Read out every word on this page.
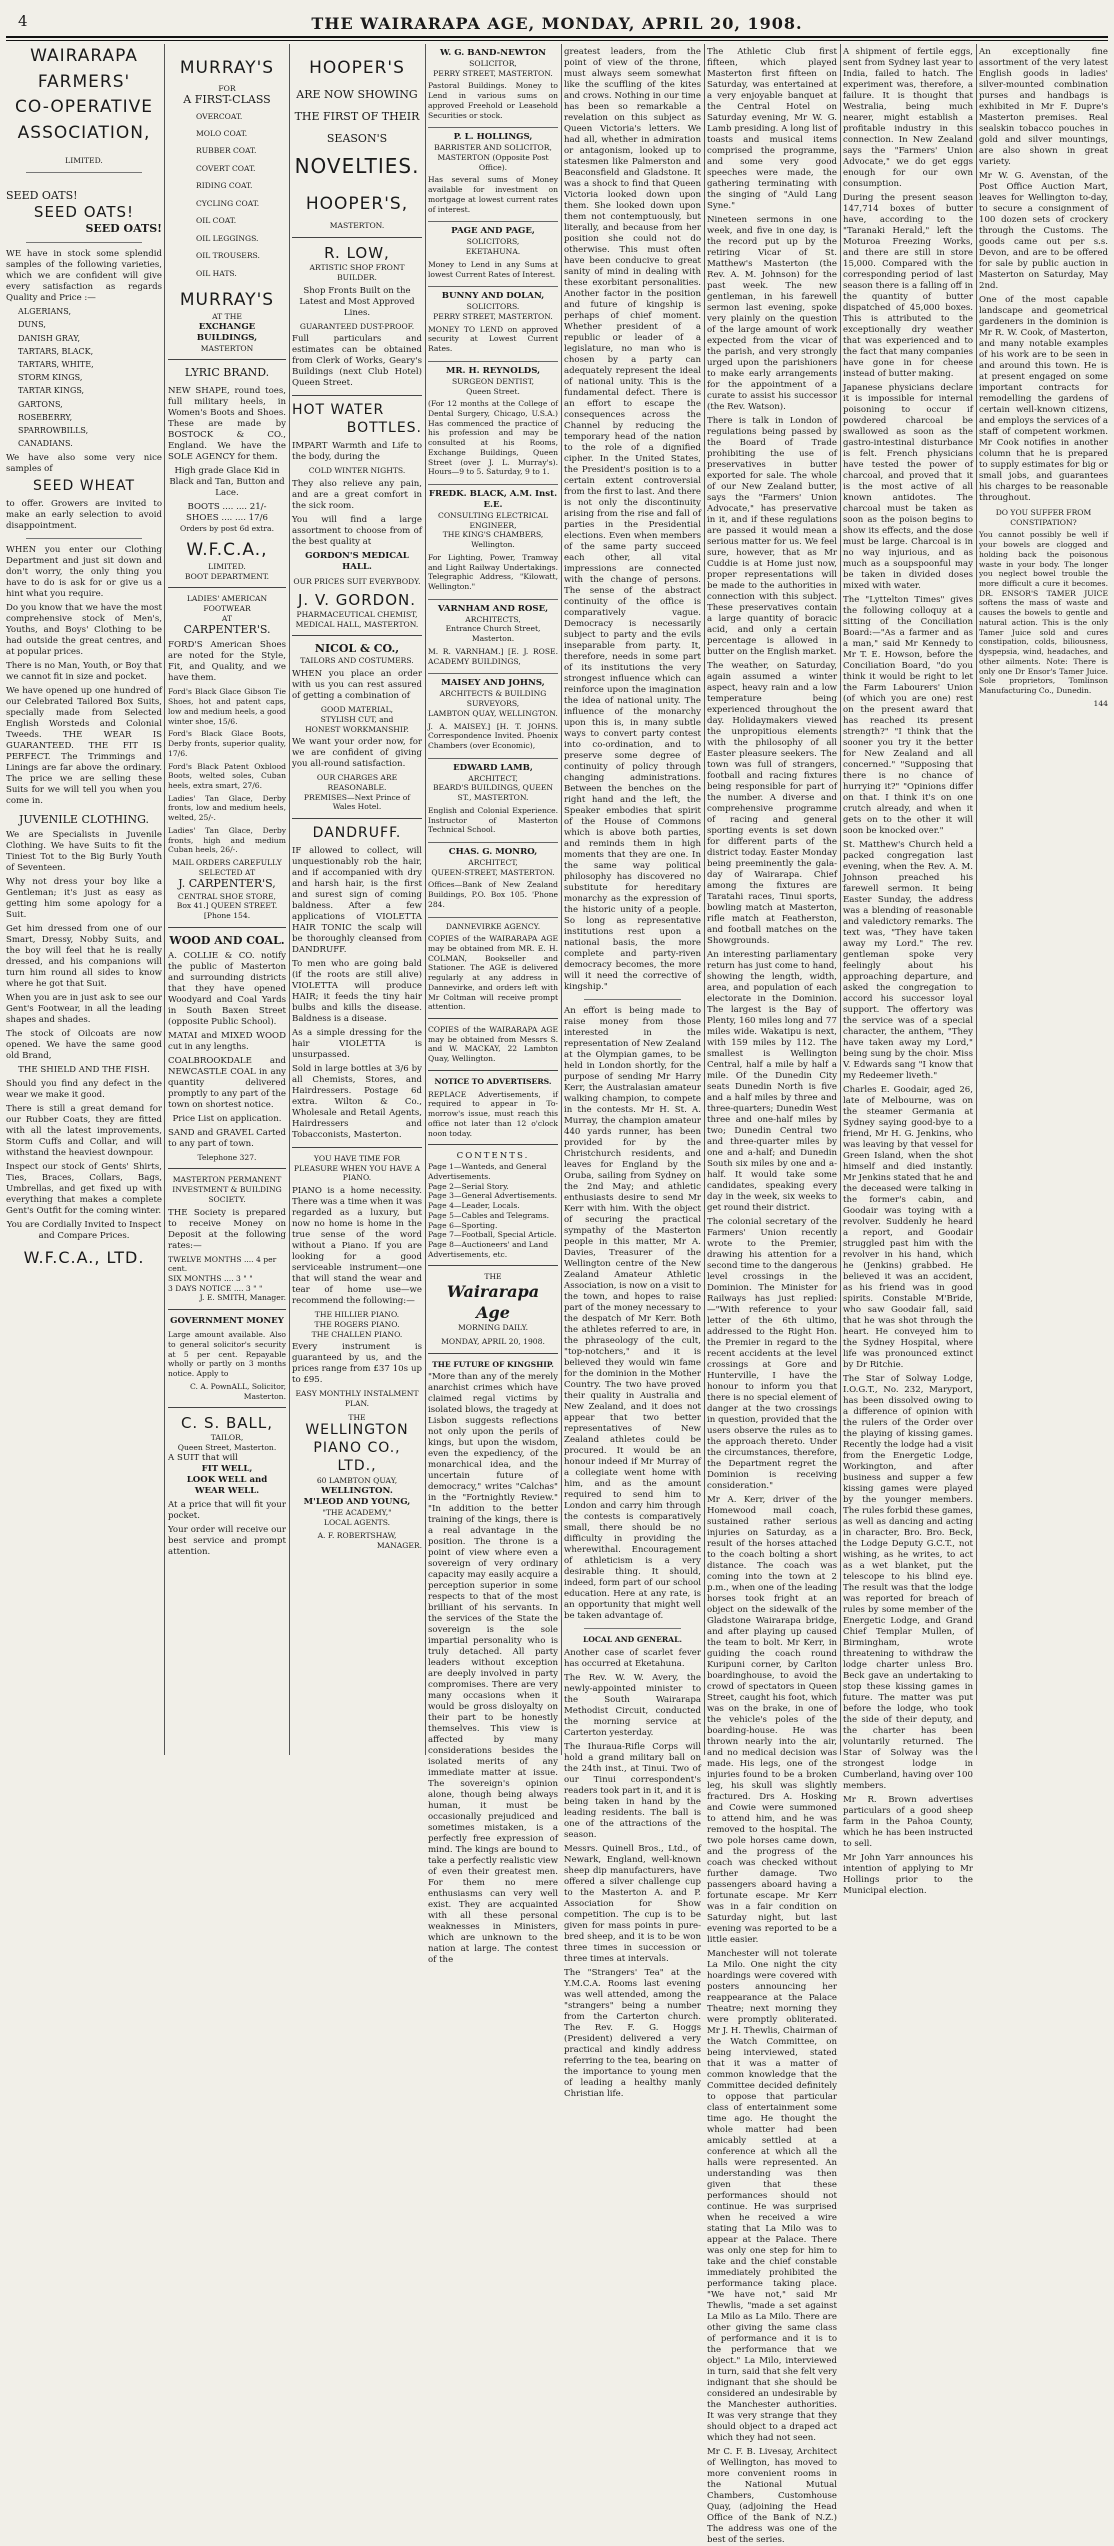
4	THE WAIRARAPA AGE, MONDAY, APRIL 20, 1908.
WAIRARAPA
FARMERS'
CO-OPERATIVE
ASSOCIATION,
LIMITED.
SEED OATS!
SEED OATS!
SEED OATS!

WE have in stock some splendid samples of the following varieties, which we are confident will give every satisfaction as regards Quality and Price :—

ALGERIANS,
DUNS,
DANISH GRAY,
TARTARS, BLACK,
TARTARS, WHITE,
STORM KINGS,
TARTAR KINGS,
GARTONS,
ROSEBERRY,
SPARROWBILLS,
CANADIANS.

We have also some very nice samples of

SEED WHEAT

to offer. Growers are invited to make an early selection to avoid disappointment.

WHEN you enter our Clothing Department and just sit down and don't worry, the only thing you have to do is ask for or give us a hint what you require.

Do you know that we have the most comprehensive stock of Men's, Youths, and Boys' Clothing to be had outside the great centres, and at popular prices.

There is no Man, Youth, or Boy that we cannot fit in size and pocket.

We have opened up one hundred of our Celebrated Tailored Box Suits, specially made from Selected English Worsteds and Colonial Tweeds. THE WEAR IS GUARANTEED. THE FIT IS PERFECT. The Trimmings and Linings are far above the ordinary. The price we are selling these Suits for we will tell you when you come in.

JUVENILE CLOTHING.

We are Specialists in Juvenile Clothing. We have Suits to fit the Tiniest Tot to the Big Burly Youth of Seventeen.

Why not dress your boy like a Gentleman; it's just as easy as getting him some apology for a Suit.

Get him dressed from one of our Smart, Dressy, Nobby Suits, and the boy will feel that he is really dressed, and his companions will turn him round all sides to know where he got that Suit.

When you are in just ask to see our Gent's Footwear, in all the leading shapes and shades.

The stock of Oilcoats are now opened. We have the same good old Brand,

THE SHIELD AND THE FISH.

Should you find any defect in the wear we make it good.

There is still a great demand for our Rubber Coats, they are fitted with all the latest improvements, Storm Cuffs and Collar, and will withstand the heaviest downpour.

Inspect our stock of Gents' Shirts, Ties, Braces, Collars, Bags, Umbrellas, and get fixed up with everything that makes a complete Gent's Outfit for the coming winter.

You are Cordially Invited to Inspect and Compare Prices.

W.F.C.A., LTD.
MURRAY'S
FOR
A FIRST-CLASS
OVERCOAT.
MOLO COAT.
RUBBER COAT.
COVERT COAT.
RIDING COAT.
CYCLING COAT.
OIL COAT.
OIL LEGGINGS.
OIL TROUSERS.
OIL HATS.
MURRAY'S
AT THE
EXCHANGE BUILDINGS,
MASTERTON
LYRIC BRAND.

NEW SHAPE, round toes, full military heels, in Women's Boots and Shoes. These are made by BOSTOCK & CO., England. We have the SOLE AGENCY for them.

High grade Glace Kid in Black and Tan, Button and Lace.

BOOTS .... .... 21/-
SHOES .... .... 17/6
Orders by post 6d extra.
W.F.C.A.,
LIMITED.
BOOT DEPARTMENT.
LADIES' AMERICAN FOOTWEAR
AT
CARPENTER'S.

FORD'S American Shoes are noted for the Style, Fit, and Quality, and we have them.

Ford's Black Glace Gibson Tie Shoes, hot and patent caps, low and medium heels, a good winter shoe, 15/6.

Ford's Black Glace Boots, Derby fronts, superior quality, 17/6.

Ford's Black Patent Oxblood Boots, welted soles, Cuban heels, extra smart, 27/6.

Ladies' Tan Glace, Derby fronts, low and medium heels, welted, 25/-.

Ladies' Tan Glace, Derby fronts, high and medium Cuban heels, 26/-.

MAIL ORDERS CAREFULLY SELECTED AT
J. CARPENTER'S,
CENTRAL SHOE STORE,
Box 41.] QUEEN STREET. [Phone 154.
WOOD AND COAL.

A. COLLIE & CO. notify the public of Masterton and surrounding districts that they have opened Woodyard and Coal Yards in South Baxen Street (opposite Public School).

MATAI and MIXED WOOD cut in any lengths.

COALBROOKDALE and NEWCASTLE COAL in any quantity delivered promptly to any part of the town on shortest notice.

Price List on application.

SAND and GRAVEL Carted to any part of town.

Telephone 327.
MASTERTON PERMANENT INVESTMENT & BUILDING SOCIETY.

THE Society is prepared to receive Money on Deposit at the following rates:—

TWELVE MONTHS .... 4 per cent.
SIX MONTHS .... 3 " "
3 DAYS NOTICE .... 3 " "
J. E. SMITH, Manager.
GOVERNMENT MONEY

Large amount available. Also to general solicitor's security at 5 per cent. Repayable wholly or partly on 3 months notice. Apply to

C. A. PownALL, Solicitor, Masterton.
C. S. BALL,
TAILOR,
Queen Street, Masterton.
A SUIT that will
FIT WELL,
LOOK WELL and
WEAR WELL.

At a price that will fit your pocket.

Your order will receive our best service and prompt attention.

HOOPER'S
ARE NOW SHOWING
THE FIRST OF THEIR
SEASON'S
NOVELTIES.
HOOPER'S,
MASTERTON.
R. LOW,
ARTISTIC SHOP FRONT BUILDER.

Shop Fronts Built on the Latest and Most Approved Lines.

GUARANTEED DUST-PROOF.

Full particulars and estimates can be obtained from Clerk of Works, Geary's Buildings (next Club Hotel) Queen Street.

HOT WATER
BOTTLES.

IMPART Warmth and Life to the body, during the

COLD WINTER NIGHTS.

They also relieve any pain, and are a great comfort in the sick room.

You will find a large assortment to choose from of the best quality at

GORDON'S MEDICAL HALL.
OUR PRICES SUIT EVERYBODY.
J. V. GORDON.
PHARMACEUTICAL CHEMIST,
MEDICAL HALL, MASTERTON.
NICOL & CO.,
TAILORS AND COSTUMERS.

WHEN you place an order with us you can rest assured of getting a combination of

GOOD MATERIAL,
STYLISH CUT, and
HONEST WORKMANSHIP.

We want your order now, for we are confident of giving you all-round satisfaction.

OUR CHARGES ARE REASONABLE.
PREMISES—Next Prince of Wales Hotel.
DANDRUFF.

IF allowed to collect, will unquestionably rob the hair, and if accompanied with dry and harsh hair, is the first and surest sign of coming baldness. After a few applications of VIOLETTA HAIR TONIC the scalp will be thoroughly cleansed from DANDRUFF.

To men who are going bald (if the roots are still alive) VIOLETTA will produce HAIR; it feeds the tiny hair bulbs and kills the disease. Baldness is a disease.

As a simple dressing for the hair VIOLETTA is unsurpassed.

Sold in large bottles at 3/6 by all Chemists, Stores, and Hairdressers. Postage 6d extra. Wilton & Co., Wholesale and Retail Agents, Hairdressers and Tobacconists, Masterton.

YOU HAVE TIME FOR PLEASURE WHEN YOU HAVE A PIANO.

PIANO is a home necessity. There was a time when it was regarded as a luxury, but now no home is home in the true sense of the word without a Piano. If you are looking for a good serviceable instrument—one that will stand the wear and tear of home use—we recommend the following:—

THE HILLIER PIANO.
THE ROGERS PIANO.
THE CHALLEN PIANO.

Every instrument is guaranteed by us, and the prices range from £37 10s up to £95.

EASY MONTHLY INSTALMENT PLAN.
THE
WELLINGTON PIANO CO., LTD.,
60 LAMBTON QUAY,
WELLINGTON.
M'LEOD AND YOUNG,
"THE ACADEMY,"
LOCAL AGENTS.
A. F. ROBERTSHAW,
MANAGER.
W. G. BAND-NEWTON
SOLICITOR,
PERRY STREET, MASTERTON.

Pastoral Buildings. Money to Lend in various sums on approved Freehold or Leasehold Securities or stock.

P. L. HOLLINGS,
BARRISTER AND SOLICITOR,
MASTERTON (Opposite Post Office).

Has several sums of Money available for investment on mortgage at lowest current rates of interest.

PAGE AND PAGE,
SOLICITORS,
EKETAHUNA.

Money to Lend in any Sums at lowest Current Rates of Interest.

BUNNY AND DOLAN,
SOLICITORS.
PERRY STREET, MASTERTON.

MONEY TO LEND on approved security at Lowest Current Rates.

MR. H. REYNOLDS,
SURGEON DENTIST,
Queen Street.

(For 12 months at the College of Dental Surgery, Chicago, U.S.A.) Has commenced the practice of his profession and may be consulted at his Rooms, Exchange Buildings, Queen Street (over J. L. Murray's). Hours—9 to 5. Saturday, 9 to 1.

FREDK. BLACK, A.M. Inst. E.E.
CONSULTING ELECTRICAL ENGINEER,
THE KING'S CHAMBERS, Wellington.

For Lighting, Power, Tramway and Light Railway Undertakings. Telegraphic Address, "Kilowatt, Wellington."

VARNHAM AND ROSE,
ARCHITECTS,
Entrance Church Street, Masterton.

M. R. VARNHAM.] [E. J. ROSE. ACADEMY BUILDINGS,

MAISEY AND JOHNS,
ARCHITECTS & BUILDING SURVEYORS,
LAMBTON QUAY, WELLINGTON.

J. A. MAISEY.] [H. T. JOHNS. Correspondence Invited. Phoenix Chambers (over Economic),

EDWARD LAMB,
ARCHITECT,
BEARD'S BUILDINGS, QUEEN ST., MASTERTON.

English and Colonial Experience. Instructor of Masterton Technical School.

CHAS. G. MONRO,
ARCHITECT,
QUEEN-STREET, MASTERTON.

Offices—Bank of New Zealand Buildings, P.O. Box 105. 'Phone 284.

DANNEVIRKE AGENCY.

COPIES of the WAIRARAPA AGE may be obtained from MR. E. H. COLMAN, Bookseller and Stationer. The AGE is delivered regularly at any address in Dannevirke, and orders left with Mr Coltman will receive prompt attention.

COPIES of the WAIRARAPA AGE may be obtained from Messrs S. and W. MACKAY, 22 Lambton Quay, Wellington.

NOTICE TO ADVERTISERS.

REPLACE Advertisements, if required to appear in To-morrow's issue, must reach this office not later than 12 o'clock noon today.

CONTENTS.
Page 1—Wanteds, and General Advertisements.
Page 2—Serial Story.
Page 3—General Advertisements.
Page 4—Leader, Locals.
Page 5—Cables and Telegrams.
Page 6—Sporting.
Page 7—Football, Special Article.
Page 8—Auctioneers' and Land Advertisements, etc.
THE
Wairarapa Age
MORNING DAILY.
MONDAY, APRIL 20, 1908.
THE FUTURE OF KINGSHIP.

"More than any of the merely anarchist crimes which have claimed regal victims by isolated blows, the tragedy at Lisbon suggests reflections not only upon the perils of kings, but upon the wisdom, even the expediency, of the monarchical idea, and the uncertain future of democracy," writes "Calchas" in the "Fortnightly Review." "In addition to the better training of the kings, there is a real advantage in the position. The throne is a point of view where even a sovereign of very ordinary capacity may easily acquire a perception superior in some respects to that of the most brilliant of his servants. In the services of the State the sovereign is the sole impartial personality who is truly detached. All party leaders without exception are deeply involved in party compromises. There are very many occasions when it would be gross disloyalty on their part to be honestly themselves. This view is affected by many considerations besides the isolated merits of any immediate matter at issue. The sovereign's opinion alone, though being always human, it must be occasionally prejudiced and sometimes mistaken, is a perfectly free expression of mind. The kings are bound to take a perfectly realistic view of even their greatest men. For them no mere enthusiasms can very well exist. They are acquainted with all these personal weaknesses in Ministers, which are unknown to the nation at large. The contest of the

greatest leaders, from the point of view of the throne, must always seem somewhat like the scuffling of the kites and crows. Nothing in our time has been so remarkable a revelation on this subject as Queen Victoria's letters. We had all, whether in admiration or antagonism, looked up to statesmen like Palmerston and Beaconsfield and Gladstone. It was a shock to find that Queen Victoria looked down upon them. She looked down upon them not contemptuously, but literally, and because from her position she could not do otherwise. This must often have been conducive to great sanity of mind in dealing with these exorbitant personalities. Another factor in the position and future of kingship is perhaps of chief moment. Whether president of a republic or leader of a legislature, no man who is chosen by a party can adequately represent the ideal of national unity. This is the fundamental defect. There is an effort to escape the consequences across the Channel by reducing the temporary head of the nation to the role of a dignified cipher. In the United States, the President's position is to a certain extent controversial from the first to last. And there is not only the discontinuity arising from the rise and fall of parties in the Presidential elections. Even when members of the same party succeed each other, all vital impressions are connected with the change of persons. The sense of the abstract continuity of the office is comparatively vague. Democracy is necessarily subject to party and the evils inseparable from party. It, therefore, needs in some part of its institutions the very strongest influence which can reinforce upon the imagination the idea of national unity. The influence of the monarchy upon this is, in many subtle ways to convert party contest into co-ordination, and to preserve some degree of continuity of policy through changing administrations. Between the benches on the right hand and the left, the Speaker embodies that spirit of the House of Commons which is above both parties, and reminds them in high moments that they are one. In the same way political philosophy has discovered no substitute for hereditary monarchy as the expression of the historic unity of a people. So long as representative institutions rest upon a national basis, the more complete and party-riven democracy becomes, the more will it need the corrective of kingship."

An effort is being made to raise money from those interested in the representation of New Zealand at the Olympian games, to be held in London shortly, for the purpose of sending Mr Harry Kerr, the Australasian amateur walking champion, to compete in the contests. Mr H. St. A. Murray, the champion amateur 440 yards runner, has been provided for by the Christchurch residents, and leaves for England by the Oruba, sailing from Sydney on the 2nd May; and athletic enthusiasts desire to send Mr Kerr with him. With the object of securing the practical sympathy of the Masterton people in this matter, Mr A. Davies, Treasurer of the Wellington centre of the New Zealand Amateur Athletic Association, is now on a visit to the town, and hopes to raise part of the money necessary to the despatch of Mr Kerr. Both the athletes referred to are, in the phraseology of the cult, "top-notchers," and it is believed they would win fame for the dominion in the Mother Country. The two have proved their quality in Australia and New Zealand, and it does not appear that two better representatives of New Zealand athletes could be procured. It would be an honour indeed if Mr Murray of a collegiate went home with him, and as the amount required to send him to London and carry him through the contests is comparatively small, there should be no difficulty in providing the wherewithal. Encouragement of athleticism is a very desirable thing. It should, indeed, form part of our school education. Here at any rate, is an opportunity that might well be taken advantage of.

LOCAL AND GENERAL.

Another case of scarlet fever has occurred at Eketahuna.

The Rev. W. W. Avery, the newly-appointed minister to the South Wairarapa Methodist Circuit, conducted the morning service at Carterton yesterday.

The Ihuraua-Rifle Corps will hold a grand military ball on the 24th inst., at Tinui. Two of our Tinui correspondent's readers took part in it, and it is being taken in hand by the leading residents. The ball is one of the attractions of the season.

Messrs. Quinell Bros., Ltd., of Newark, England, well-known sheep dip manufacturers, have offered a silver challenge cup to the Masterton A. and P. Association for Show competition. The cup is to be given for mass points in pure-bred sheep, and it is to be won three times in succession or three times at intervals.

The "Strangers' Tea" at the Y.M.C.A. Rooms last evening was well attended, among the "strangers" being a number from the Carterton church. The Rev. F. G. Hoggs (President) delivered a very practical and kindly address referring to the tea, bearing on the importance to young men of leading a healthy manly Christian life.

The Athletic Club first fifteen, which played Masterton first fifteen on Saturday, was entertained at a very enjoyable banquet at the Central Hotel on Saturday evening, Mr W. G. Lamb presiding. A long list of toasts and musical items comprised the programme, and some very good speeches were made, the gathering terminating with the singing of "Auld Lang Syne."

Nineteen sermons in one week, and five in one day, is the record put up by the retiring Vicar of St. Matthew's Masterton (the Rev. A. M. Johnson) for the past week. The new gentleman, in his farewell sermon last evening, spoke very plainly on the question of the large amount of work expected from the vicar of the parish, and very strongly urged upon the parishioners to make early arrangements for the appointment of a curate to assist his successor (the Rev. Watson).

There is talk in London of regulations being passed by the Board of Trade prohibiting the use of preservatives in butter exported for sale. The whole of our New Zealand butter, says the "Farmers' Union Advocate," has preservative in it, and if these regulations are passed it would mean a serious matter for us. We feel sure, however, that as Mr Cuddie is at Home just now, proper representations will be made to the authorities in connection with this subject. These preservatives contain a large quantity of boracic acid, and only a certain percentage is allowed in butter on the English market.

The weather, on Saturday, again assumed a winter aspect, heavy rain and a low temperature being experienced throughout the day. Holidaymakers viewed the unpropitious elements with the philosophy of all Easter pleasure seekers. The town was full of strangers, football and racing fixtures being responsible for part of the number. A diverse and comprehensive programme of racing and general sporting events is set down for different parts of the district today. Easter Monday being preeminently the gala-day of Wairarapa. Chief among the fixtures are Taratahi races, Tinui sports, bowling match at Masterton, rifle match at Featherston, and football matches on the Showgrounds.

An interesting parliamentary return has just come to hand, showing the length, width, area, and population of each electorate in the Dominion. The largest is the Bay of Plenty, 160 miles long and 77 miles wide. Wakatipu is next, with 159 miles by 112. The smallest is Wellington Central, half a mile by half a mile. Of the Dunedin City seats Dunedin North is five and a half miles by three and three-quarters; Dunedin West three and one-half miles by two; Dunedin Central two and three-quarter miles by one and a-half; and Dunedin South six miles by one and a-half. It would take some candidates, speaking every day in the week, six weeks to get round their district.

The colonial secretary of the Farmers' Union recently wrote to the Premier, drawing his attention for a second time to the dangerous level crossings in the Dominion. The Minister for Railways has just replied:—"With reference to your letter of the 6th ultimo, addressed to the Right Hon. the Premier in regard to the recent accidents at the level crossings at Gore and Hunterville, I have the honour to inform you that there is no special element of danger at the two crossings in question, provided that the users observe the rules as to the approach thereto. Under the circumstances, therefore, the Department regret the Dominion is receiving consideration."

Mr A. Kerr, driver of the Homewood mail coach, sustained rather serious injuries on Saturday, as a result of the horses attached to the coach bolting a short distance. The coach was coming into the town at 2 p.m., when one of the leading horses took fright at an object on the sidewalk of the Gladstone Wairarapa bridge, and after playing up caused the team to bolt. Mr Kerr, in guiding the coach round Kuripuni corner, by Carlton boardinghouse, to avoid the crowd of spectators in Queen Street, caught his foot, which was on the brake, in one of the vehicle's poles of the boarding-house. He was thrown nearly into the air, and no medical decision was made. His legs, one of the injuries found to be a broken leg, his skull was slightly fractured. Drs A. Hosking and Cowie were summoned to attend him, and he was removed to the hospital. The two pole horses came down, and the progress of the coach was checked without further damage. Two passengers aboard having a fortunate escape. Mr Kerr was in a fair condition on Saturday night, but last evening was reported to be a little easier.

Manchester will not tolerate La Milo. One night the city hoardings were covered with posters announcing her reappearance at the Palace Theatre; next morning they were promptly obliterated. Mr J. H. Thewlis, Chairman of the Watch Committee, on being interviewed, stated that it was a matter of common knowledge that the Committee decided definitely to oppose that particular class of entertainment some time ago. He thought the whole matter had been amicably settled at a conference at which all the halls were represented. An understanding was then given that these performances should not continue. He was surprised when he received a wire stating that La Milo was to appear at the Palace. There was only one step for him to take and the chief constable immediately prohibited the performance taking place. "We have not," said Mr Thewlis, "made a set against La Milo as La Milo. There are other giving the same class of performance and it is to the performance that we object." La Milo, interviewed in turn, said that she felt very indignant that she should be considered an undesirable by the Manchester authorities. It was very strange that they should object to a draped act which they had not seen.

Mr C. F. B. Livesay, Architect of Wellington, has moved to more convenient rooms in the National Mutual Chambers, Customhouse Quay, (adjoining the Head Office of the Bank of N.Z.) The address was one of the best of the series.

A shipment of fertile eggs, sent from Sydney last year to India, failed to hatch. The experiment was, therefore, a failure. It is thought that Westralia, being much nearer, might establish a profitable industry in this connection. In New Zealand says the "Farmers' Union Advocate," we do get eggs enough for our own consumption.

During the present season 147,714 boxes of butter have, according to the "Taranaki Herald," left the Moturoa Freezing Works, and there are still in store 15,000. Compared with the corresponding period of last season there is a falling off in the quantity of butter dispatched of 45,000 boxes. This is attributed to the exceptionally dry weather that was experienced and to the fact that many companies have gone in for cheese instead of butter making.

Japanese physicians declare it is impossible for internal poisoning to occur if powdered charcoal be swallowed as soon as the gastro-intestinal disturbance is felt. French physicians have tested the power of charcoal, and proved that it is the most active of all known antidotes. The charcoal must be taken as soon as the poison begins to show its effects, and the dose must be large. Charcoal is in no way injurious, and as much as a soupspoonful may be taken in divided doses mixed with water.

The "Lyttelton Times" gives the following colloquy at a sitting of the Conciliation Board:—"As a farmer and as a man," said Mr Kennedy to Mr T. E. Howson, before the Conciliation Board, "do you think it would be right to let the Farm Labourers' Union (of which you are one) rest on the present award that has reached its present strength?" "I think that the sooner you try it the better for New Zealand and all concerned." "Supposing that there is no chance of hurrying it?" "Opinions differ on that. I think it's on one crutch already, and when it gets on to the other it will soon be knocked over."

St. Matthew's Church held a packed congregation last evening, when the Rev. A. M. Johnson preached his farewell sermon. It being Easter Sunday, the address was a blending of reasonable and valedictory remarks. The text was, "They have taken away my Lord." The rev. gentleman spoke very feelingly about his approaching departure, and asked the congregation to accord his successor loyal support. The offertory was the service was of a special character, the anthem, "They have taken away my Lord," being sung by the choir. Miss V. Edwards sang "I know that my Redeemer liveth."

Charles E. Goodair, aged 26, late of Melbourne, was on the steamer Germania at Sydney saying good-bye to a friend, Mr H. G. Jenkins, who was leaving by that vessel for Green Island, when the shot himself and died instantly. Mr Jenkins stated that he and the deceased were talking in the former's cabin, and Goodair was toying with a revolver. Suddenly he heard a report, and Goodair struggled past him with the revolver in his hand, which he (Jenkins) grabbed. He believed it was an accident, as his friend was in good spirits. Constable M'Bride, who saw Goodair fall, said that he was shot through the heart. He conveyed him to the Sydney Hospital, where life was pronounced extinct by Dr Ritchie.

The Star of Solway Lodge, I.O.G.T., No. 232, Maryport, has been dissolved owing to a difference of opinion with the rulers of the Order over the playing of kissing games. Recently the lodge had a visit from the Energetic Lodge, Workington, and after business and supper a few kissing games were played by the younger members. The rules forbid these games, as well as dancing and acting in character, Bro. Bro. Beck, the Lodge Deputy G.C.T., not wishing, as he writes, to act as a wet blanket, put the telescope to his blind eye. The result was that the lodge was reported for breach of rules by some member of the Energetic Lodge, and Grand Chief Templar Mullen, of Birmingham, wrote threatening to withdraw the lodge charter unless Bro. Beck gave an undertaking to stop these kissing games in future. The matter was put before the lodge, who took the side of their deputy, and the charter has been voluntarily returned. The Star of Solway was the strongest lodge in Cumberland, having over 100 members.

Mr R. Brown advertises particulars of a good sheep farm in the Pahoa County, which he has been instructed to sell.

Mr John Yarr announces his intention of applying to Mr Hollings prior to the Municipal election.

An exceptionally fine assortment of the very latest English goods in ladies' silver-mounted combination purses and handbags is exhibited in Mr F. Dupre's Masterton premises. Real sealskin tobacco pouches in gold and silver mountings, are also shown in great variety.

Mr W. G. Avenstan, of the Post Office Auction Mart, leaves for Wellington to-day, to secure a consignment of 100 dozen sets of crockery through the Customs. The goods came out per s.s. Devon, and are to be offered for sale by public auction in Masterton on Saturday, May 2nd.

One of the most capable landscape and geometrical gardeners in the dominion is Mr R. W. Cook, of Masterton, and many notable examples of his work are to be seen in and around this town. He is at present engaged on some important contracts for remodelling the gardens of certain well-known citizens, and employs the services of a staff of competent workmen. Mr Cook notifies in another column that he is prepared to supply estimates for big or small jobs, and guarantees his charges to be reasonable throughout.

DO YOU SUFFER FROM CONSTIPATION?

You cannot possibly be well if your bowels are clogged and holding back the poisonous waste in your body. The longer you neglect bowel trouble the more difficult a cure it becomes. DR. ENSOR'S TAMER JUICE softens the mass of waste and causes the bowels to gentle and natural action. This is the only Tamer Juice sold and cures constipation, colds, biliousness, dyspepsia, wind, headaches, and other ailments. Note: There is only one Dr Ensor's Tamer Juice. Sole proprietors, Tomlinson Manufacturing Co., Dunedin.

144
